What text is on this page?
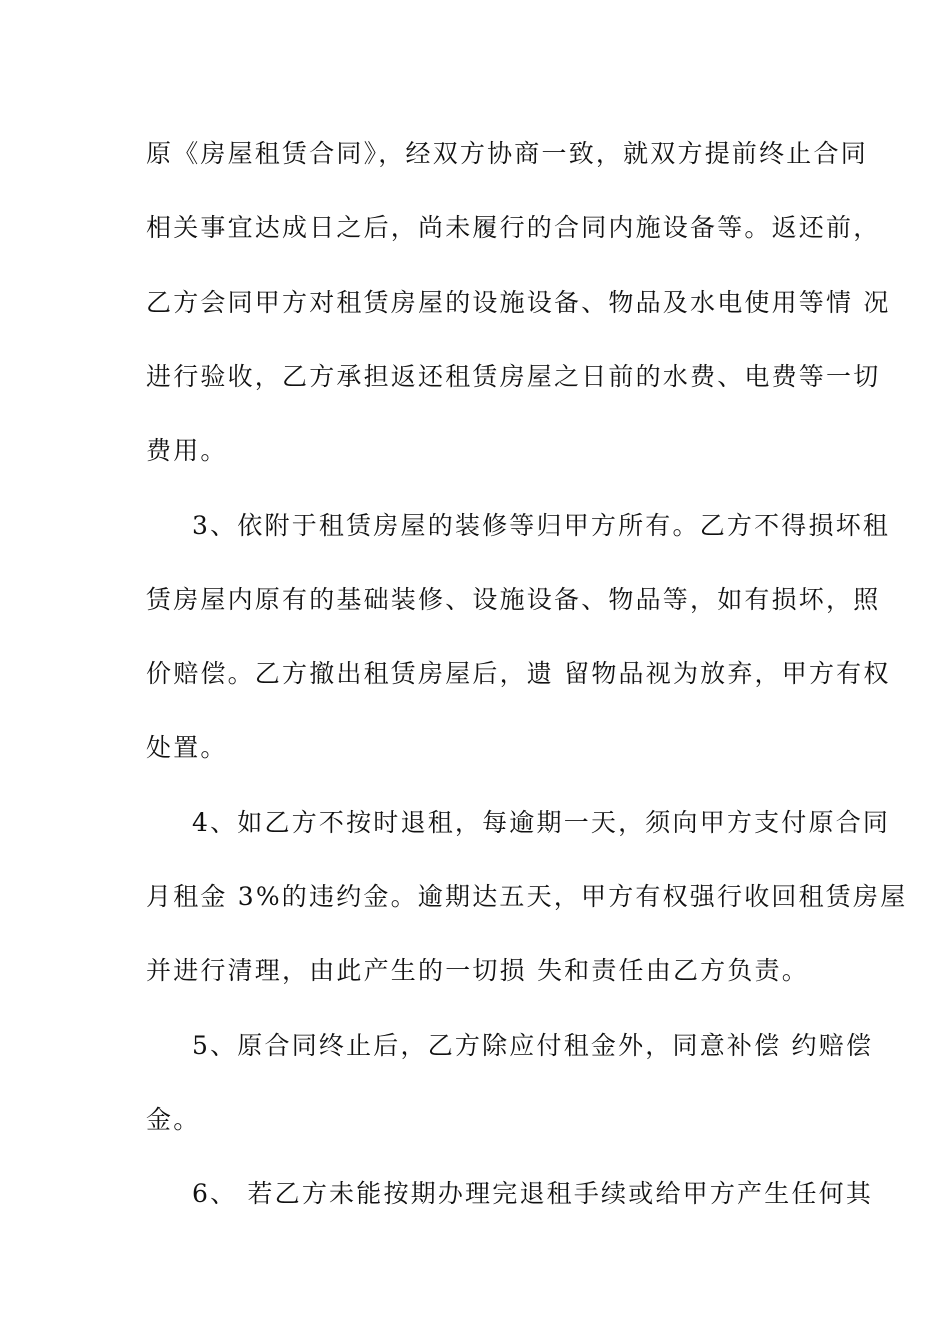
原《房屋租赁合同》，经双方协商一致，就双方提前终止合同
相关事宜达成日之后，尚未履行的合同内施设备等。返还前，
乙方会同甲方对租赁房屋的设施设备、物品及水电使用等情 况
进行验收，乙方承担返还租赁房屋之日前的水费、电费等一切
费用。
3、依附于租赁房屋的装修等归甲方所有。乙方不得损坏租
赁房屋内原有的基础装修、设施设备、物品等，如有损坏，照
价赔偿。乙方撤出租赁房屋后，遗 留物品视为放弃，甲方有权
处置。
4、如乙方不按时退租，每逾期一天，须向甲方支付原合同
月租金 3%的违约金。逾期达五天，甲方有权强行收回租赁房屋
并进行清理，由此产生的一切损 失和责任由乙方负责。
5、原合同终止后，乙方除应付租金外，同意补偿 约赔偿
金。
6、 若乙方未能按期办理完退租手续或给甲方产生任何其
